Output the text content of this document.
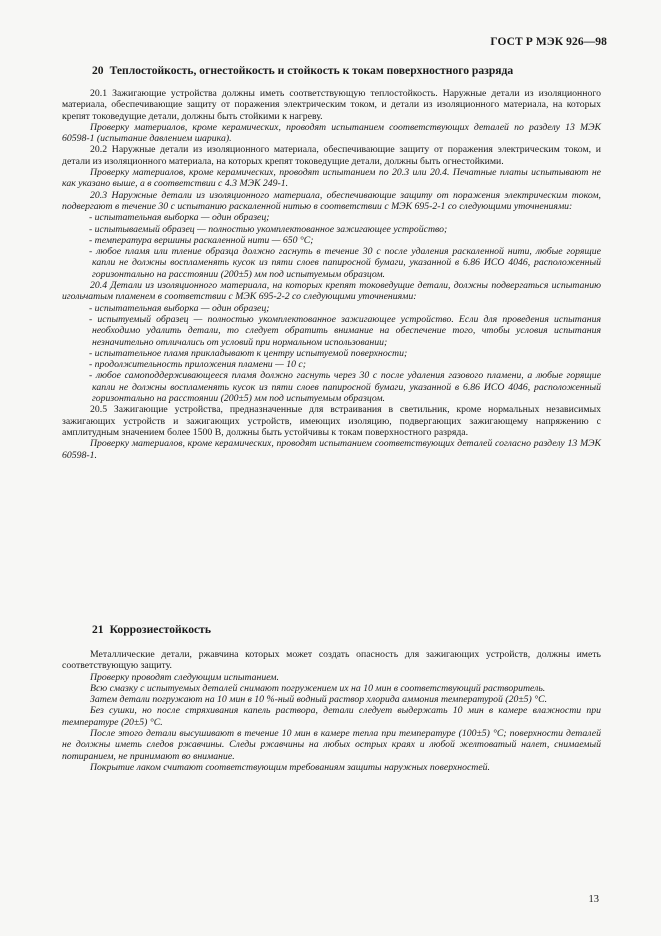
ГОСТ Р МЭК 926—98
20 Теплостойкость, огнестойкость и стойкость к токам поверхностного разряда

20.1 Зажигающие устройства должны иметь соответствующую теплостойкость. Наружные детали из изоляционного материала, обеспечивающие защиту от поражения электрическим током, и детали из изоляционного материала, на которых крепят токоведущие детали, должны быть стойкими к нагреву.

Проверку материалов, кроме керамических, проводят испытанием соответствующих деталей по разделу 13 МЭК 60598-1 (испытание давлением шарика).

20.2 Наружные детали из изоляционного материала, обеспечивающие защиту от поражения электрическим током, и детали из изоляционного материала, на которых крепят токоведущие детали, должны быть огнестойкими.

Проверку материалов, кроме керамических, проводят испытанием по 20.3 или 20.4. Печатные платы испытывают не как указано выше, а в соответствии с 4.3 МЭК 249-1.

20.3 Наружные детали из изоляционного материала, обеспечивающие защиту от поражения электрическим током, подвергают в течение 30 с испытанию раскаленной нитью в соответствии с МЭК 695-2-1 со следующими уточнениями:

- испытательная выборка — один образец;

- испытываемый образец — полностью укомплектованное зажигающее устройство;

- температура вершины раскаленной нити — 650 °С;

- любое пламя или тление образца должно гаснуть в течение 30 с после удаления раскаленной нити, любые горящие капли не должны воспламенять кусок из пяти слоев папиросной бумаги, указанной в 6.86 ИСО 4046, расположенный горизонтально на расстоянии (200±5) мм под испытуемым образцом.

20.4 Детали из изоляционного материала, на которых крепят токоведущие детали, должны подвергаться испытанию игольчатым пламенем в соответствии с МЭК 695-2-2 со следующими уточнениями:

- испытательная выборка — один образец;

- испытуемый образец — полностью укомплектованное зажигающее устройство. Если для проведения испытания необходимо удалить детали, то следует обратить внимание на обеспечение того, чтобы условия испытания незначительно отличались от условий при нормальном использовании;

- испытательное пламя прикладывают к центру испытуемой поверхности;

- продолжительность приложения пламени — 10 с;

- любое самоподдерживающееся пламя должно гаснуть через 30 с после удаления газового пламени, а любые горящие капли не должны воспламенять кусок из пяти слоев папиросной бумаги, указанной в 6.86 ИСО 4046, расположенный горизонтально на расстоянии (200±5) мм под испытуемым образцом.

20.5 Зажигающие устройства, предназначенные для встраивания в светильник, кроме нормальных независимых зажигающих устройств и зажигающих устройств, имеющих изоляцию, подвергающих зажигающему напряжению с амплитудным значением более 1500 В, должны быть устойчивы к токам поверхностного разряда.

Проверку материалов, кроме керамических, проводят испытанием соответствующих деталей согласно разделу 13 МЭК 60598-1.

21 Коррозиестойкость

Металлические детали, ржавчина которых может создать опасность для зажигающих устройств, должны иметь соответствующую защиту.

Проверку проводят следующим испытанием.

Всю смазку с испытуемых деталей снимают погружением их на 10 мин в соответствующий растворитель.

Затем детали погружают на 10 мин в 10 %-ный водный раствор хлорида аммония температурой (20±5) °С.

Без сушки, но после стряхивания капель раствора, детали следует выдержать 10 мин в камере влажности при температуре (20±5) °С.

После этого детали высушивают в течение 10 мин в камере тепла при температуре (100±5) °С; поверхности деталей не должны иметь следов ржавчины. Следы ржавчины на любых острых краях и любой желтоватый налет, снимаемый потиранием, не принимают во внимание.

Покрытие лаком считают соответствующим требованиям защиты наружных поверхностей.

13
